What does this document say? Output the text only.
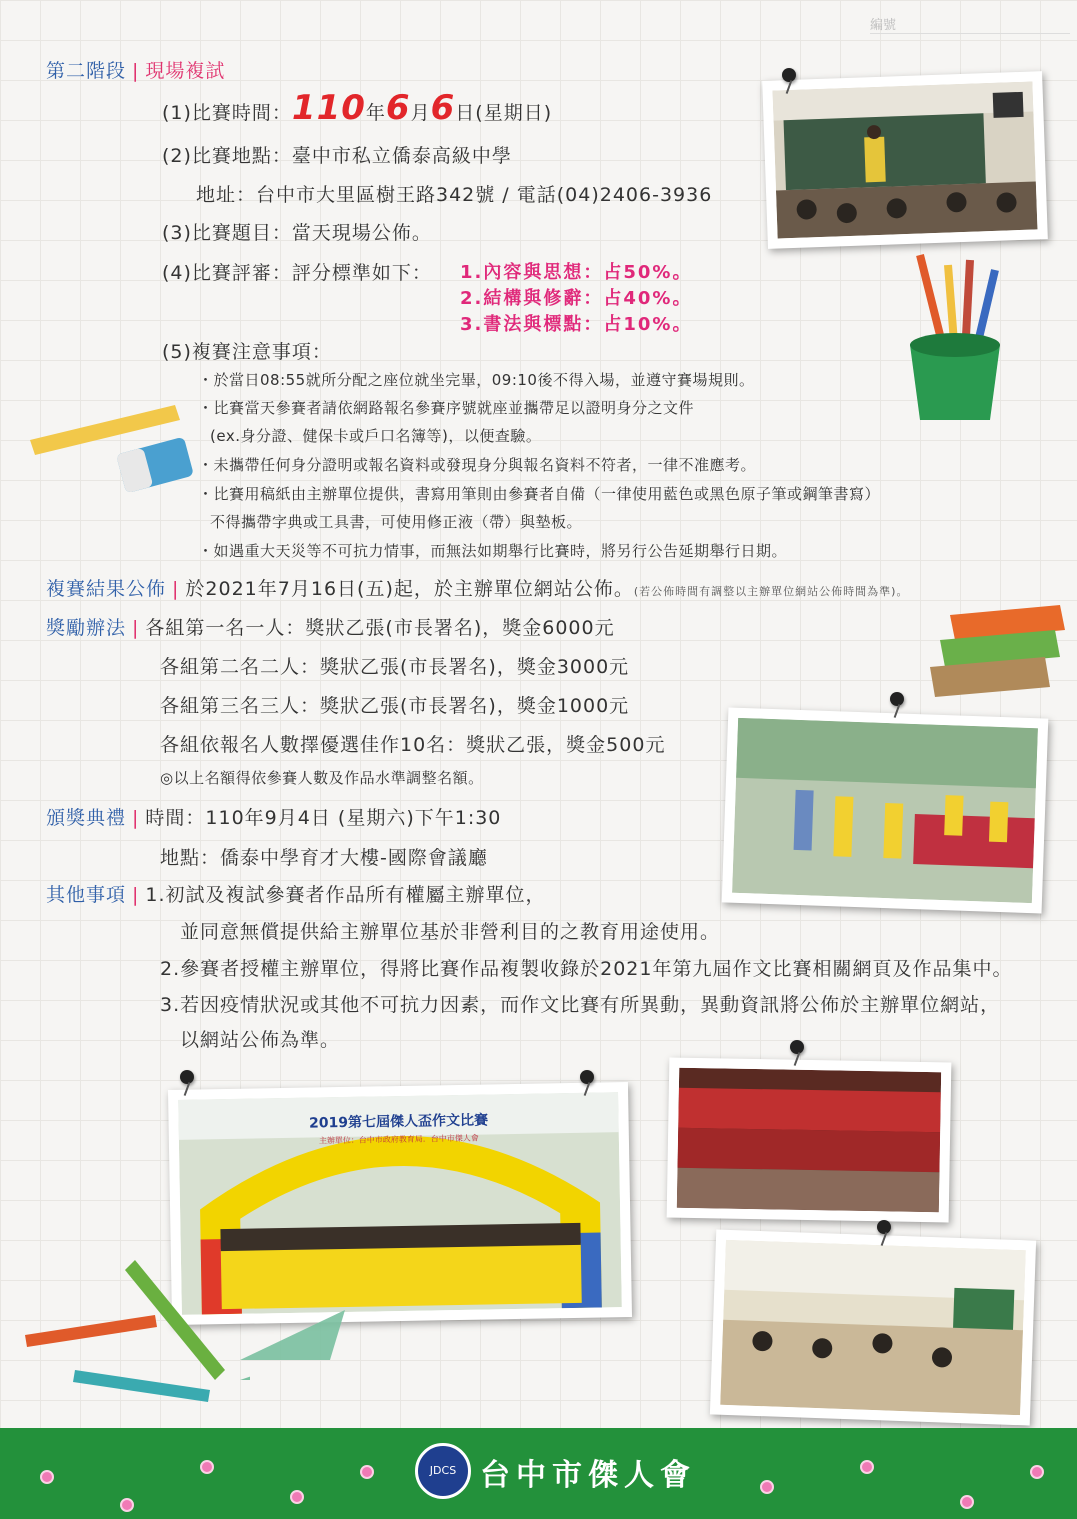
編號
第二階段 | 現場複試
(1)比賽時間：110年6月6日(星期日)
(2)比賽地點：臺中市私立僑泰高級中學
地址：台中市大里區樹王路342號 / 電話(04)2406-3936
(3)比賽題目：當天現場公佈。
(4)比賽評審：評分標準如下： 1.內容與思想：占50%。
2.結構與修辭：占40%。
3.書法與標點：占10%。
(5)複賽注意事項：
・於當日08:55就所分配之座位就坐完畢，09:10後不得入場，並遵守賽場規則。
・比賽當天參賽者請依網路報名參賽序號就座並攜帶足以證明身分之文件
(ex.身分證、健保卡或戶口名簿等)，以便查驗。
・未攜帶任何身分證明或報名資料或發現身分與報名資料不符者，一律不准應考。
・比賽用稿紙由主辦單位提供，書寫用筆則由參賽者自備（一律使用藍色或黑色原子筆或鋼筆書寫）
不得攜帶字典或工具書，可使用修正液（帶）與墊板。
・如遇重大天災等不可抗力情事，而無法如期舉行比賽時，將另行公告延期舉行日期。
複賽結果公佈 | 於2021年7月16日(五)起，於主辦單位網站公佈。(若公佈時間有調整以主辦單位網站公佈時間為準)。
獎勵辦法 | 各組第一名一人：獎狀乙張(市長署名)，獎金6000元
各組第二名二人：獎狀乙張(市長署名)，獎金3000元
各組第三名三人：獎狀乙張(市長署名)，獎金1000元
各組依報名人數擇優選佳作10名：獎狀乙張，獎金500元
◎以上名額得依參賽人數及作品水準調整名額。
頒獎典禮 | 時間：110年9月4日 (星期六)下午1:30
地點：僑泰中學育才大樓-國際會議廳
其他事項 | 1.初試及複試參賽者作品所有權屬主辦單位，
並同意無償提供給主辦單位基於非營利目的之教育用途使用。
2.參賽者授權主辦單位，得將比賽作品複製收錄於2021年第九屆作文比賽相關網頁及作品集中。
3.若因疫情狀況或其他不可抗力因素，而作文比賽有所異動，異動資訊將公佈於主辦單位網站，
以網站公佈為準。
2019第七屆傑人盃作文比賽
主辦單位：台中市政府教育局．台中市傑人會
JDCS 台中市傑人會
